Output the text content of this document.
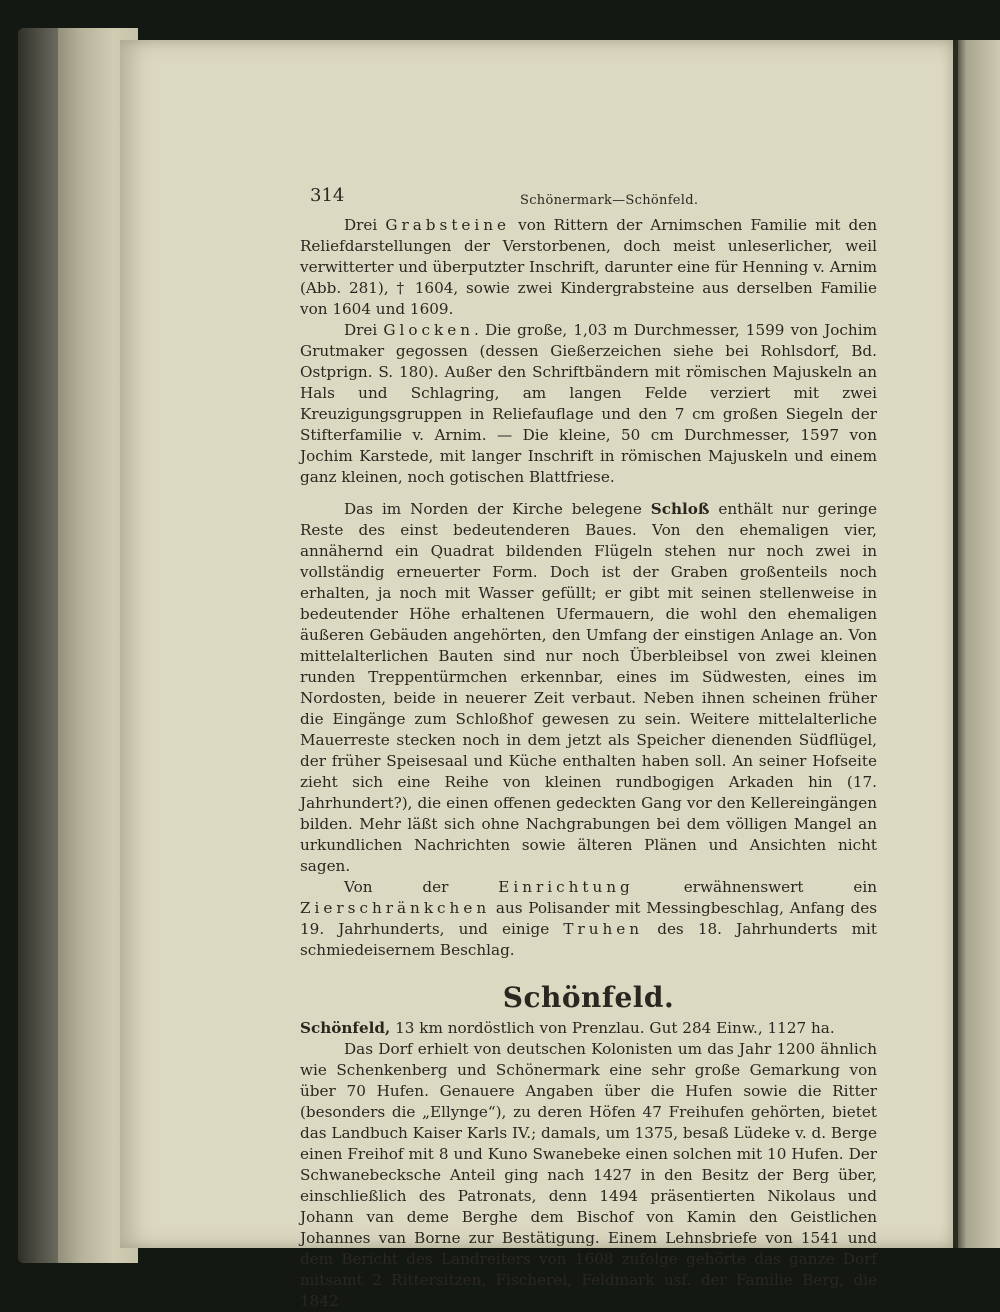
314	Schönermark—Schönfeld.

Drei Grabsteine von Rittern der Arnimschen Familie mit den Reliefdarstellungen der Verstorbenen, doch meist unleserlicher, weil verwitterter und überputzter Inschrift, darunter eine für Henning v. Arnim (Abb. 281), † 1604, sowie zwei Kindergrabsteine aus derselben Familie von 1604 und 1609.

Drei Glocken. Die große, 1,03 m Durchmesser, 1599 von Jochim Grutmaker gegossen (dessen Gießerzeichen siehe bei Rohlsdorf, Bd. Ostprign. S. 180). Außer den Schriftbändern mit römischen Majuskeln an Hals und Schlagring, am langen Felde verziert mit zwei Kreuzigungsgruppen in Reliefauflage und den 7 cm großen Siegeln der Stifterfamilie v. Arnim. — Die kleine, 50 cm Durchmesser, 1597 von Jochim Karstede, mit langer Inschrift in römischen Majuskeln und einem ganz kleinen, noch gotischen Blattfriese.

Das im Norden der Kirche belegene Schloß enthält nur geringe Reste des einst bedeutenderen Baues. Von den ehemaligen vier, annähernd ein Quadrat bildenden Flügeln stehen nur noch zwei in vollständig erneuerter Form. Doch ist der Graben großenteils noch erhalten, ja noch mit Wasser gefüllt; er gibt mit seinen stellenweise in bedeutender Höhe erhaltenen Ufermauern, die wohl den ehemaligen äußeren Gebäuden angehörten, den Umfang der einstigen Anlage an. Von mittelalterlichen Bauten sind nur noch Überbleibsel von zwei kleinen runden Treppentürmchen erkennbar, eines im Südwesten, eines im Nordosten, beide in neuerer Zeit verbaut. Neben ihnen scheinen früher die Eingänge zum Schloßhof gewesen zu sein. Weitere mittelalterliche Mauerreste stecken noch in dem jetzt als Speicher dienenden Südflügel, der früher Speisesaal und Küche enthalten haben soll. An seiner Hofseite zieht sich eine Reihe von kleinen rundbogigen Arkaden hin (17. Jahrhundert?), die einen offenen gedeckten Gang vor den Kellereingängen bilden. Mehr läßt sich ohne Nachgrabungen bei dem völligen Mangel an urkundlichen Nachrichten sowie älteren Plänen und Ansichten nicht sagen.

Von der Einrichtung erwähnenswert ein Zierschränkchen aus Polisander mit Messingbeschlag, Anfang des 19. Jahrhunderts, und einige Truhen des 18. Jahrhunderts mit schmiedeisernem Beschlag.

Schönfeld.

Schönfeld, 13 km nordöstlich von Prenzlau. Gut 284 Einw., 1127 ha.

Das Dorf erhielt von deutschen Kolonisten um das Jahr 1200 ähnlich wie Schenkenberg und Schönermark eine sehr große Gemarkung von über 70 Hufen. Genauere Angaben über die Hufen sowie die Ritter (besonders die „Ellynge“), zu deren Höfen 47 Freihufen gehörten, bietet das Landbuch Kaiser Karls IV.; damals, um 1375, besaß Lüdeke v. d. Berge einen Freihof mit 8 und Kuno Swanebeke einen solchen mit 10 Hufen. Der Schwanebecksche Anteil ging nach 1427 in den Besitz der Berg über, einschließlich des Patronats, denn 1494 präsentierten Nikolaus und Johann van deme Berghe dem Bischof von Kamin den Geistlichen Johannes van Borne zur Bestätigung. Einem Lehnsbriefe von 1541 und dem Bericht des Landreiters von 1608 zufolge gehörte das ganze Dorf mitsamt 2 Rittersitzen, Fischerei, Feldmark usf. der Familie Berg, die 1842
